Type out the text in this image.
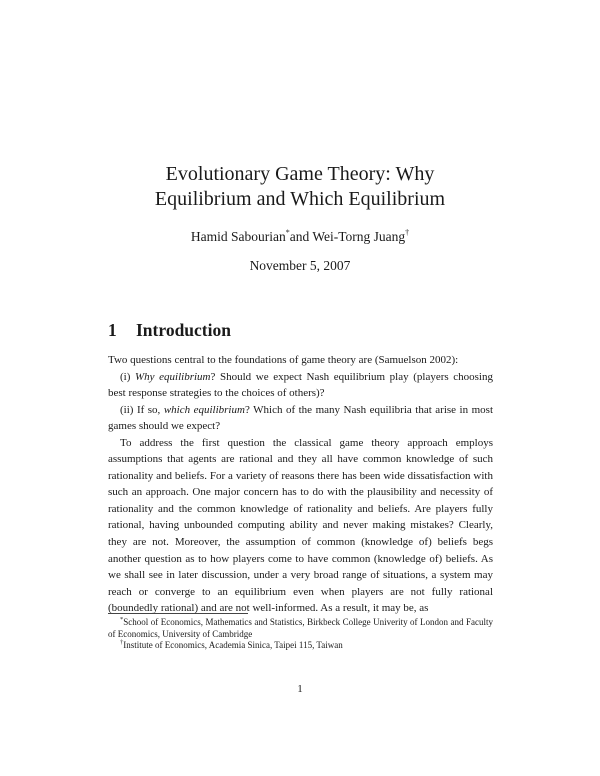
Evolutionary Game Theory: Why
Equilibrium and Which Equilibrium
Hamid Sabourian*and Wei-Torng Juang†
November 5, 2007
1 Introduction

Two questions central to the foundations of game theory are (Samuelson 2002):

(i) Why equilibrium? Should we expect Nash equilibrium play (players choosing best response strategies to the choices of others)?

(ii) If so, which equilibrium? Which of the many Nash equilibria that arise in most games should we expect?

To address the first question the classical game theory approach employs assumptions that agents are rational and they all have common knowledge of such rationality and beliefs. For a variety of reasons there has been wide dissatisfaction with such an approach. One major concern has to do with the plausibility and necessity of rationality and the common knowledge of rationality and beliefs. Are players fully rational, having unbounded computing ability and never making mistakes? Clearly, they are not. Moreover, the assumption of common (knowledge of) beliefs begs another question as to how players come to have common (knowledge of) beliefs. As we shall see in later discussion, under a very broad range of situations, a system may reach or converge to an equilibrium even when players are not fully rational (boundedly rational) and are not well-informed. As a result, it may be, as

*School of Economics, Mathematics and Statistics, Birkbeck College Univerity of London and Faculty of Economics, University of Cambridge

†Institute of Economics, Academia Sinica, Taipei 115, Taiwan

1
